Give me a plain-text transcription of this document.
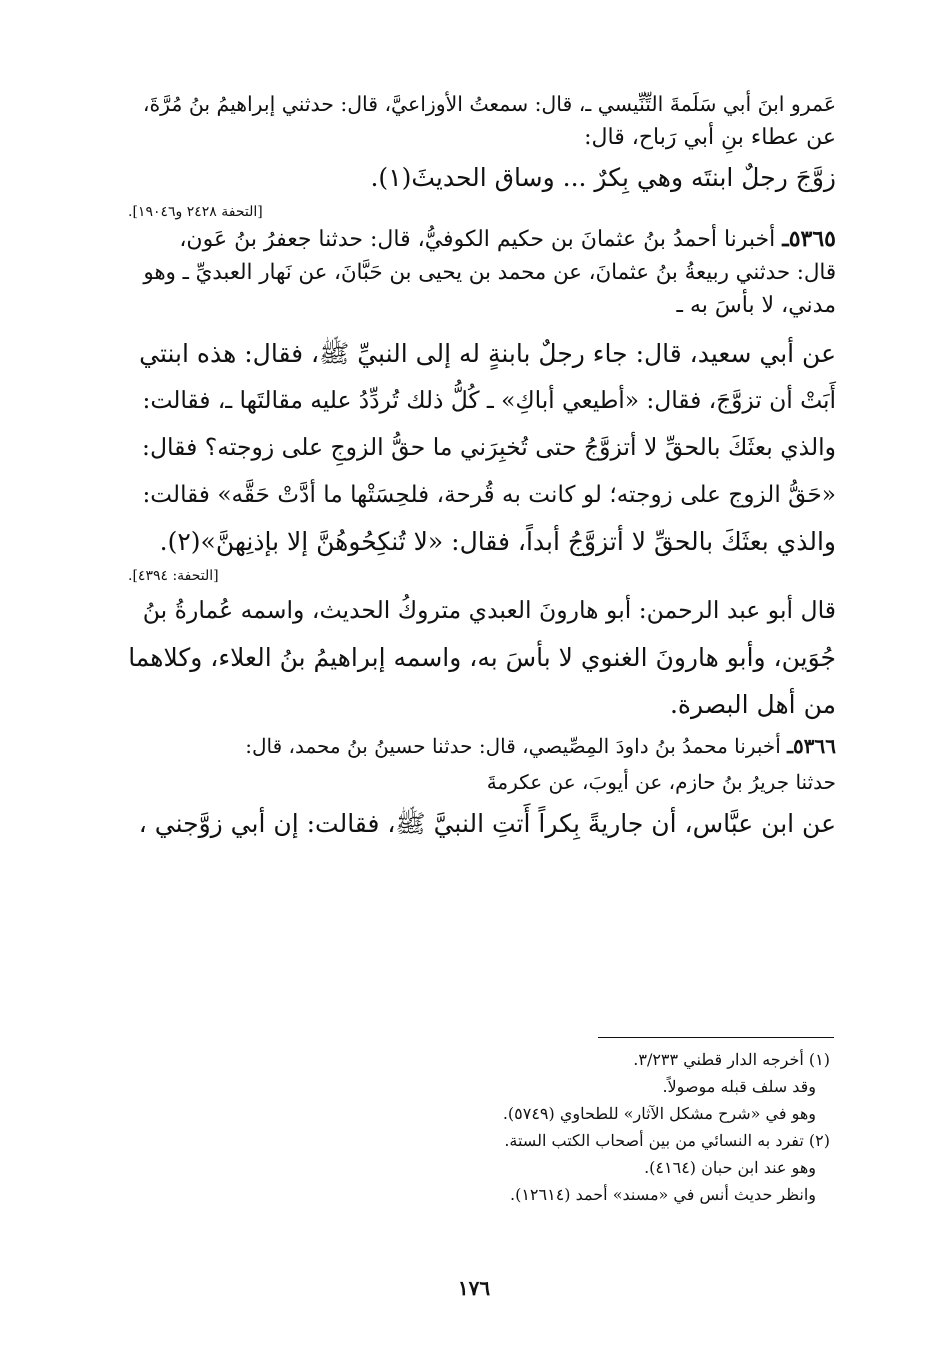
عَمرو ابنَ أبي سَلَمةَ التِّنِّيسي ـ، قال: سمعتُ الأوزاعيَّ، قال: حدثني إبراهيمُ بنُ مُرَّةَ،
عن عطاء بنِ أبي رَباح، قال:
زوَّجَ رجلٌ ابنتَه وهي بِكرٌ ... وساق الحديثَ(١).
[التحفة ٢٤٢٨ و١٩٠٤٦].
٥٣٦٥ـ أخبرنا أحمدُ بنُ عثمانَ بن حكيم الكوفيُّ، قال: حدثنا جعفرُ بنُ عَون،
قال: حدثني ربيعةُ بنُ عثمانَ، عن محمد بن يحيى بن حَبَّانَ، عن نَهار العبديِّ ـ وهو
مدني، لا بأسَ به ـ
عن أبي سعيد، قال: جاء رجلٌ بابنةٍ له إلى النبيِّ ﷺ، فقال: هذه ابنتي
أَبَتْ أن تزوَّجَ، فقال: «أطيعي أباكِ» ـ كُلُّ ذلك تُردِّدُ عليه مقالتَها ـ، فقالت:
والذي بعثَكَ بالحقِّ لا أتزوَّجُ حتى تُخبِرَني ما حقُّ الزوجِ على زوجته؟ فقال:
«حَقُّ الزوج على زوجته؛ لو كانت به قُرحة، فلحِسَتْها ما أدَّتْ حَقَّه» فقالت:
والذي بعثَكَ بالحقِّ لا أتزوَّجُ أبداً، فقال: «لا تُنكِحُوهُنَّ إلا بإذنِهنَّ»(٢).
[التحفة: ٤٣٩٤].
قال أبو عبد الرحمن: أبو هارونَ العبدي متروكُ الحديث، واسمه عُمارةُ بنُ
جُوَين، وأبو هارونَ الغنوي لا بأسَ به، واسمه إبراهيمُ بنُ العلاء، وكلاهما
من أهل البصرة.
٥٣٦٦ـ أخبرنا محمدُ بنُ داودَ المِصِّيصي، قال: حدثنا حسينُ بنُ محمد، قال:
حدثنا جريرُ بنُ حازم، عن أيوبَ، عن عكرمةَ
عن ابن عبَّاس، أن جاريةً بِكراً أَتتِ النبيَّ ﷺ، فقالت: إن أبي زوَّجني ،
(١) أخرجه الدار قطني ٣/٢٣٣.
وقد سلف قبله موصولاً.
وهو في «شرح مشكل الآثار» للطحاوي (٥٧٤٩).
(٢) تفرد به النسائي من بين أصحاب الكتب الستة.
وهو عند ابن حبان (٤١٦٤).
وانظر حديث أنس في «مسند» أحمد (١٢٦١٤).
١٧٦
